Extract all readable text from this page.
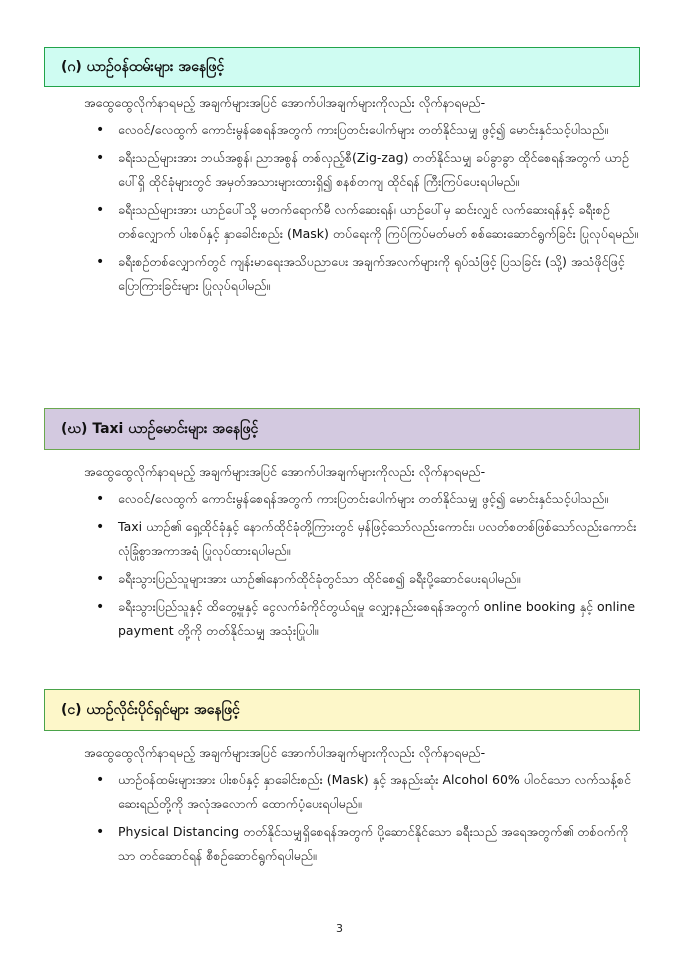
(ဂ) ယာဉ်ဝန်ထမ်းများ အနေဖြင့်
အထွေထွေလိုက်နာရမည့် အချက်များအပြင် အောက်ပါအချက်များကိုလည်း လိုက်နာရမည်-
• လေဝင်/လေထွက် ကောင်းမွန်စေရန်အတွက် ကားပြတင်းပေါက်များ တတ်နိုင်သမျှ ဖွင့်၍ မောင်းနှင်သင့်ပါသည်။
• ခရီးသည်များအား ဘယ်အစွန်၊ ညာအစွန် တစ်လှည့်စီ(Zig-zag) တတ်နိုင်သမျှ ခပ်ခွာခွာ ထိုင်စေရန်အတွက် ယာဉ်ပေါ်ရှိ ထိုင်ခုံများတွင် အမှတ်အသားများထားရှိ၍ စနစ်တကျ ထိုင်ရန် ကြီးကြပ်ပေးရပါမည်။
• ခရီးသည်များအား ယာဉ်ပေါ်သို့ မတက်ရောက်မီ လက်ဆေးရန်၊ ယာဉ်ပေါ်မှ ဆင်းလျှင် လက်ဆေးရန်နှင့် ခရီးစဉ် တစ်လျှောက် ပါးစပ်နှင့် နှာခေါင်းစည်း (Mask) တပ်ရေးကို ကြပ်ကြပ်မတ်မတ် စစ်ဆေးဆောင်ရွက်ခြင်း ပြုလုပ်ရမည်။
• ခရီးစဉ်တစ်လျှောက်တွင် ကျန်းမာရေးအသိပညာပေး အချက်အလက်များကို ရုပ်သံဖြင့် ပြသခြင်း (သို့) အသံဖိုင်ဖြင့် ပြောကြားခြင်းများ ပြုလုပ်ရပါမည်။
(ဃ) Taxi ယာဉ်မောင်းများ အနေဖြင့်
အထွေထွေလိုက်နာရမည့် အချက်များအပြင် အောက်ပါအချက်များကိုလည်း လိုက်နာရမည်-
• လေဝင်/လေထွက် ကောင်းမွန်စေရန်အတွက် ကားပြတင်းပေါက်များ တတ်နိုင်သမျှ ဖွင့်၍ မောင်းနှင်သင့်ပါသည်။
• Taxi ယာဉ်၏ ရှေ့ထိုင်ခုံနှင့် နောက်ထိုင်ခုံတို့ကြားတွင် မှန်ဖြင့်သော်လည်းကောင်း၊ ပလတ်စတစ်ဖြစ်သော်လည်းကောင်း လုံခြုံစွာအကာအရံ ပြုလုပ်ထားရပါမည်။
• ခရီးသွားပြည်သူများအား ယာဉ်၏နောက်ထိုင်ခုံတွင်သာ ထိုင်စေ၍ ခရီးပို့ဆောင်ပေးရပါမည်။
• ခရီးသွားပြည်သူနှင့် ထိတွေ့မှုနှင့် ငွေလက်ခံကိုင်တွယ်ရမှု လျှော့နည်းစေရန်အတွက် online booking နှင့် online payment တို့ကို တတ်နိုင်သမျှ အသုံးပြုပါ။
(င) ယာဉ်လိုင်းပိုင်ရှင်များ အနေဖြင့်
အထွေထွေလိုက်နာရမည့် အချက်များအပြင် အောက်ပါအချက်များကိုလည်း လိုက်နာရမည်-
• ယာဉ်ဝန်ထမ်းများအား ပါးစပ်နှင့် နှာခေါင်းစည်း (Mask) နှင့် အနည်းဆုံး Alcohol 60% ပါဝင်သော လက်သန့်စင်ဆေးရည်တို့ကို အလုံအလောက် ထောက်ပံ့ပေးရပါမည်။
• Physical Distancing တတ်နိုင်သမျှရှိစေရန်အတွက် ပို့ဆောင်နိုင်သော ခရီးသည် အရေအတွက်၏ တစ်ဝက်ကိုသာ တင်ဆောင်ရန် စီစဉ်ဆောင်ရွက်ရပါမည်။
3
